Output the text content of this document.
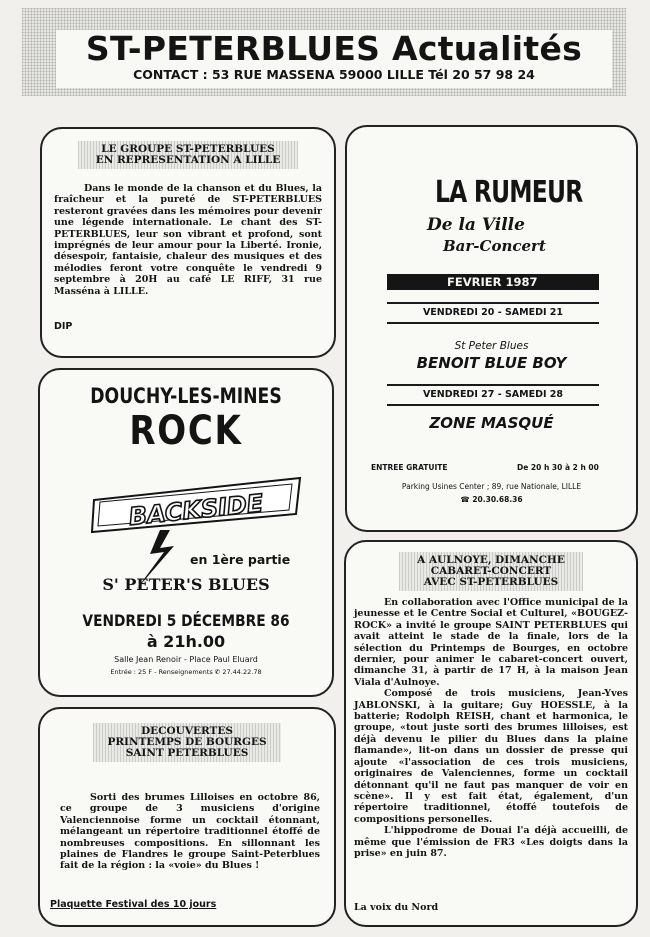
ST-PETERBLUES Actualités
CONTACT : 53 RUE MASSENA 59000 LILLE Tél 20 57 98 24
LE GROUPE ST-PETERBLUES
EN REPRESENTATION A LILLE

Dans le monde de la chanson et du Blues, la fraîcheur et la pureté de ST-PETERBLUES resteront gravées dans les mémoires pour devenir une légende internationale. Le chant des ST-PETERBLUES, leur son vibrant et profond, sont imprégnés de leur amour pour la Liberté. Ironie, désespoir, fantaisie, chaleur des musiques et des mélodies feront votre conquête le vendredi 9 septembre à 20H au café LE RIFF, 31 rue Masséna à LILLE.

DIP
DOUCHY-LES-MINES
ROCK
BACKSIDE
en 1ère partie
S' PETER'S BLUES
VENDREDI 5 DÉCEMBRE 86
à 21h.00
Salle Jean Renoir - Place Paul Eluard
Entrée : 25 F - Renseignements ✆ 27.44.22.78
DECOUVERTES
PRINTEMPS DE BOURGES
SAINT PETERBLUES

Sorti des brumes Lilloises en octobre 86, ce groupe de 3 musiciens d'origine Valenciennoise forme un cocktail étonnant, mélangeant un répertoire traditionnel étoffé de nombreuses compositions. En sillonnant les plaines de Flandres le groupe Saint-Peterblues fait de la région : la «voie» du Blues !

Plaquette Festival des 10 jours
LA RUMEUR
De la Ville
Bar-Concert
FEVRIER 1987
VENDREDI 20 - SAMEDI 21
St Peter Blues
BENOIT BLUE BOY
VENDREDI 27 - SAMEDI 28
ZONE MASQUÉ
ENTREE GRATUITE	De 20 h 30 à 2 h 00
Parking Usines Center ; 89, rue Nationale, LILLE
☎ 20.30.68.36
A AULNOYE, DIMANCHE
CABARET-CONCERT
AVEC ST-PETERBLUES

En collaboration avec l'Office municipal de la jeunesse et le Centre Social et Culturel, «BOUGEZ-ROCK» a invité le groupe SAINT PETERBLUES qui avait atteint le stade de la finale, lors de la sélection du Printemps de Bourges, en octobre dernier, pour animer le cabaret-concert ouvert, dimanche 31, à partir de 17 H, à la maison Jean Viala d'Aulnoye.

Composé de trois musiciens, Jean-Yves JABLONSKI, à la guitare; Guy HOESSLE, à la batterie; Rodolph REISH, chant et harmonica, le groupe, «tout juste sorti des brumes lilloises, est déjà devenu le pilier du Blues dans la plaine flamande», lit-on dans un dossier de presse qui ajoute «l'association de ces trois musiciens, originaires de Valenciennes, forme un cocktail détonnant qu'il ne faut pas manquer de voir en scène». Il y est fait état, également, d'un répertoire traditionnel, étoffé toutefois de compositions personelles.

L'hippodrome de Douai l'a déjà accueilli, de même que l'émission de FR3 «Les doigts dans la prise» en juin 87.

La voix du Nord
